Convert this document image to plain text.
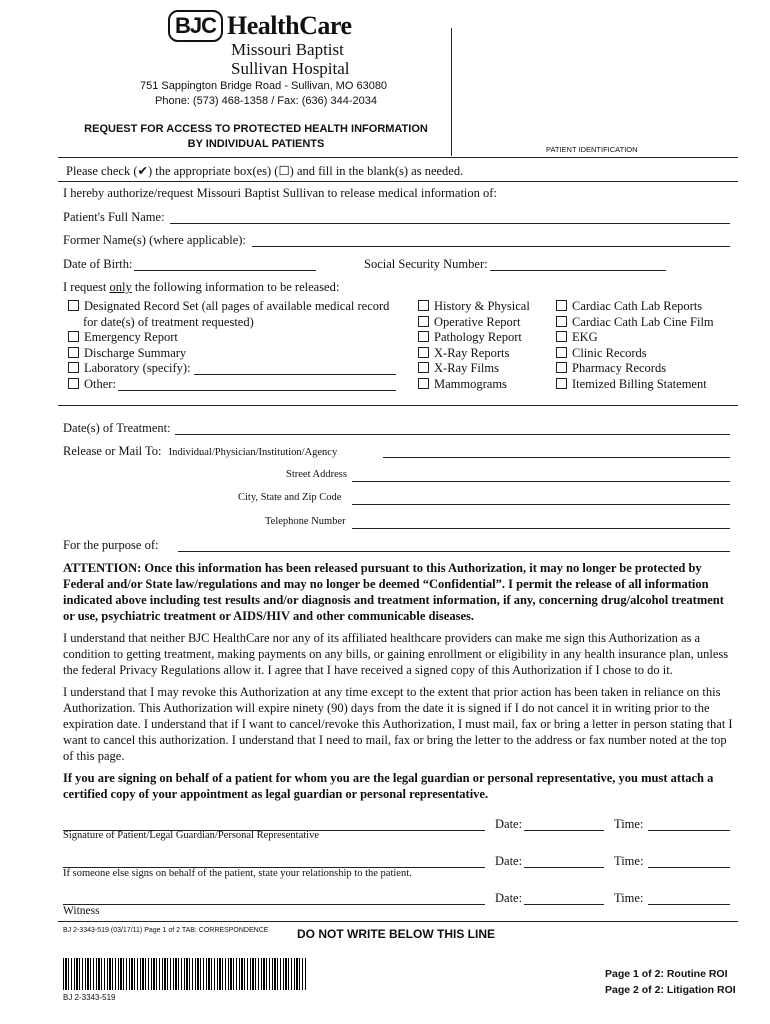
BJC HealthCare
Missouri Baptist
Sullivan Hospital
751 Sappington Bridge Road - Sullivan, MO 63080
Phone: (573) 468-1358 / Fax: (636) 344-2034
REQUEST FOR ACCESS TO PROTECTED HEALTH INFORMATION
BY INDIVIDUAL PATIENTS	PATIENT IDENTIFICATION
Please check (✔) the appropriate box(es) (☐) and fill in the blank(s) as needed.
I hereby authorize/request Missouri Baptist Sullivan to release medical information of:
Patient's Full Name:
Former Name(s) (where applicable):
Date of Birth:	Social Security Number:
I request only the following information to be released:
Designated Record Set (all pages of available medical record
for date(s) of treatment requested)
Emergency Report
Discharge Summary
Laboratory (specify):
Other:
History & Physical
Operative Report
Pathology Report
X-Ray Reports
X-Ray Films
Mammograms
Cardiac Cath Lab Reports
Cardiac Cath Lab Cine Film
EKG
Clinic Records
Pharmacy Records
Itemized Billing Statement
Date(s) of Treatment:
Release or Mail To: Individual/Physician/Institution/Agency
Street Address
City, State and Zip Code
Telephone Number
For the purpose of:
ATTENTION: Once this information has been released pursuant to this Authorization, it may no longer be protected by Federal and/or State law/regulations and may no longer be deemed “Confidential”. I permit the release of all information indicated above including test results and/or diagnosis and treatment information, if any, concerning drug/alcohol treatment or use, psychiatric treatment or AIDS/HIV and other communicable diseases.
I understand that neither BJC HealthCare nor any of its affiliated healthcare providers can make me sign this Authorization as a condition to getting treatment, making payments on any bills, or gaining enrollment or eligibility in any health insurance plan, unless the federal Privacy Regulations allow it. I agree that I have received a signed copy of this Authorization if I chose to do it.
I understand that I may revoke this Authorization at any time except to the extent that prior action has been taken in reliance on this Authorization. This Authorization will expire ninety (90) days from the date it is signed if I do not cancel it in writing prior to the expiration date. I understand that if I want to cancel/revoke this Authorization, I must mail, fax or bring a letter in person stating that I want to cancel this authorization. I understand that I need to mail, fax or bring the letter to the address or fax number noted at the top of this page.
If you are signing on behalf of a patient for whom you are the legal guardian or personal representative, you must attach a certified copy of your appointment as legal guardian or personal representative.
Date:	Time:
Signature of Patient/Legal Guardian/Personal Representative
Date:	Time:
If someone else signs on behalf of the patient, state your relationship to the patient.
Date:	Time:
Witness
BJ 2-3343-519 (03/17/11) Page 1 of 2 TAB: CORRESPONDENCE DO NOT WRITE BELOW THIS LINE
BJ 2-3343-519
Page 1 of 2: Routine ROI
Page 2 of 2: Litigation ROI
